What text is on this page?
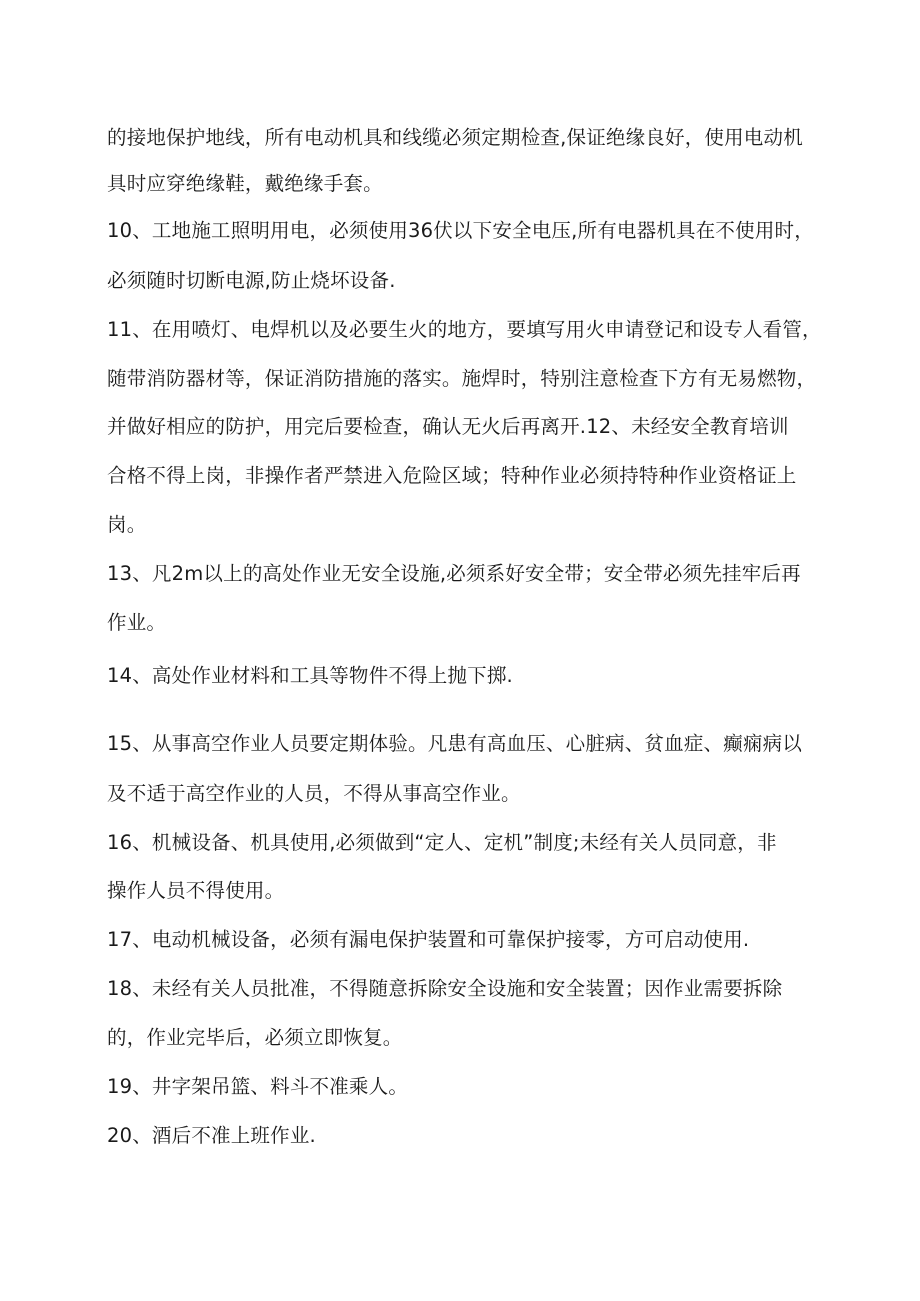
的接地保护地线，所有电动机具和线缆必须定期检查,保证绝缘良好，使用电动机
具时应穿绝缘鞋，戴绝缘手套。
10、工地施工照明用电，必须使用36伏以下安全电压,所有电器机具在不使用时，
必须随时切断电源,防止烧坏设备.
11、在用喷灯、电焊机以及必要生火的地方，要填写用火申请登记和设专人看管，
随带消防器材等，保证消防措施的落实。施焊时，特别注意检查下方有无易燃物，
并做好相应的防护，用完后要检查，确认无火后再离开.12、未经安全教育培训
合格不得上岗，非操作者严禁进入危险区域；特种作业必须持特种作业资格证上
岗。
13、凡2m以上的高处作业无安全设施,必须系好安全带；安全带必须先挂牢后再
作业。
14、高处作业材料和工具等物件不得上抛下掷.
15、从事高空作业人员要定期体验。凡患有高血压、心脏病、贫血症、癫痫病以
及不适于高空作业的人员，不得从事高空作业。
16、机械设备、机具使用,必须做到“定人、定机”制度;未经有关人员同意，非
操作人员不得使用。
17、电动机械设备，必须有漏电保护装置和可靠保护接零，方可启动使用.
18、未经有关人员批准，不得随意拆除安全设施和安全装置；因作业需要拆除
的，作业完毕后，必须立即恢复。
19、井字架吊篮、料斗不准乘人。
20、酒后不准上班作业.
